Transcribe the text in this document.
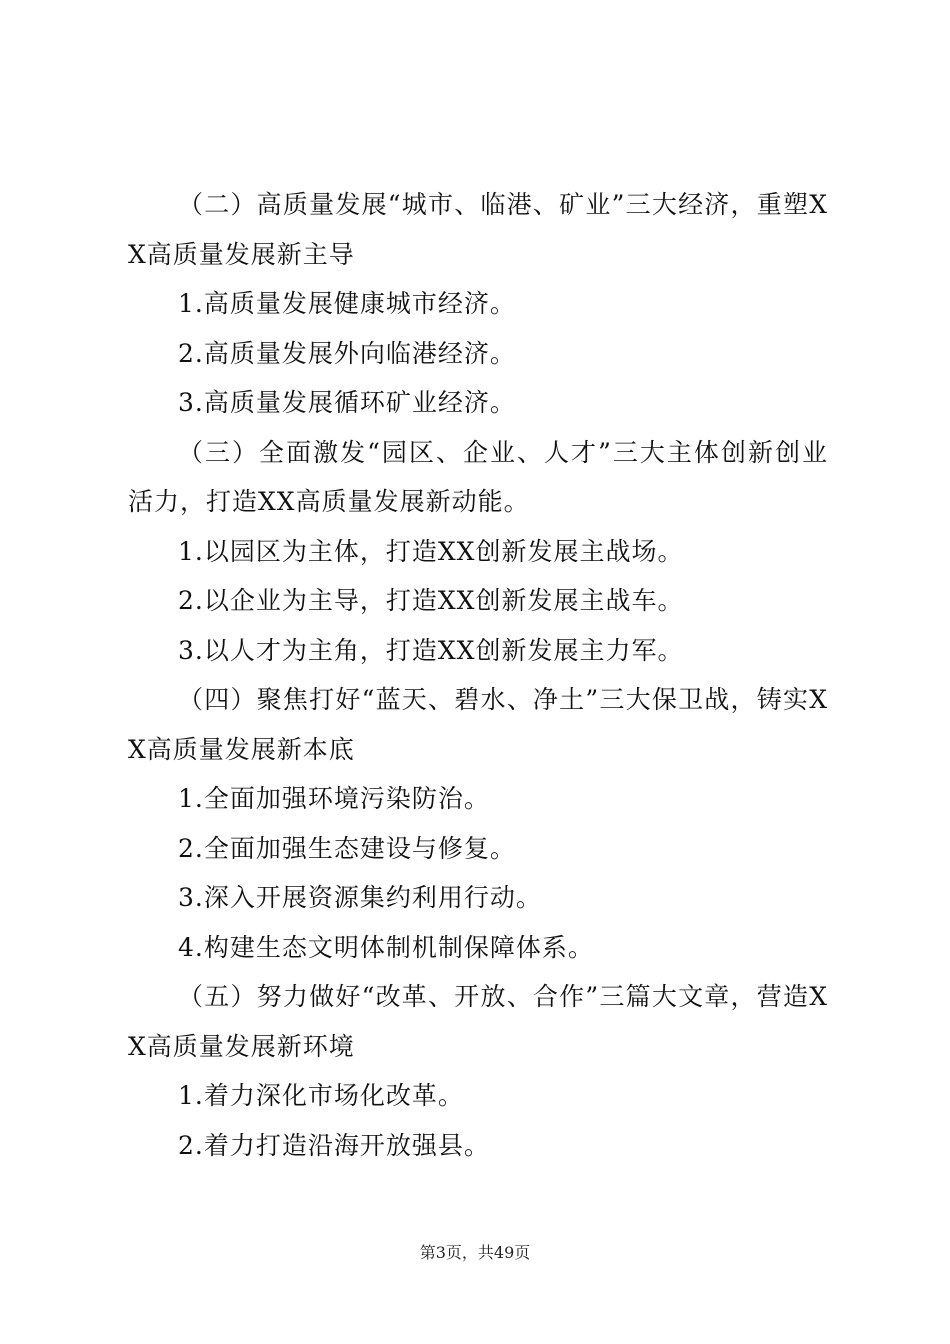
（二）高质量发展“城市、临港、矿业”三大经济，重塑XX高质量发展新主导

1.高质量发展健康城市经济。

2.高质量发展外向临港经济。

3.高质量发展循环矿业经济。

（三）全面激发“园区、企业、人才”三大主体创新创业活力，打造XX高质量发展新动能。

1.以园区为主体，打造XX创新发展主战场。

2.以企业为主导，打造XX创新发展主战车。

3.以人才为主角，打造XX创新发展主力军。

（四）聚焦打好“蓝天、碧水、净土”三大保卫战，铸实XX高质量发展新本底

1.全面加强环境污染防治。

2.全面加强生态建设与修复。

3.深入开展资源集约利用行动。

4.构建生态文明体制机制保障体系。

（五）努力做好“改革、开放、合作”三篇大文章，营造XX高质量发展新环境

1.着力深化市场化改革。

2.着力打造沿海开放强县。

第3页，共49页
